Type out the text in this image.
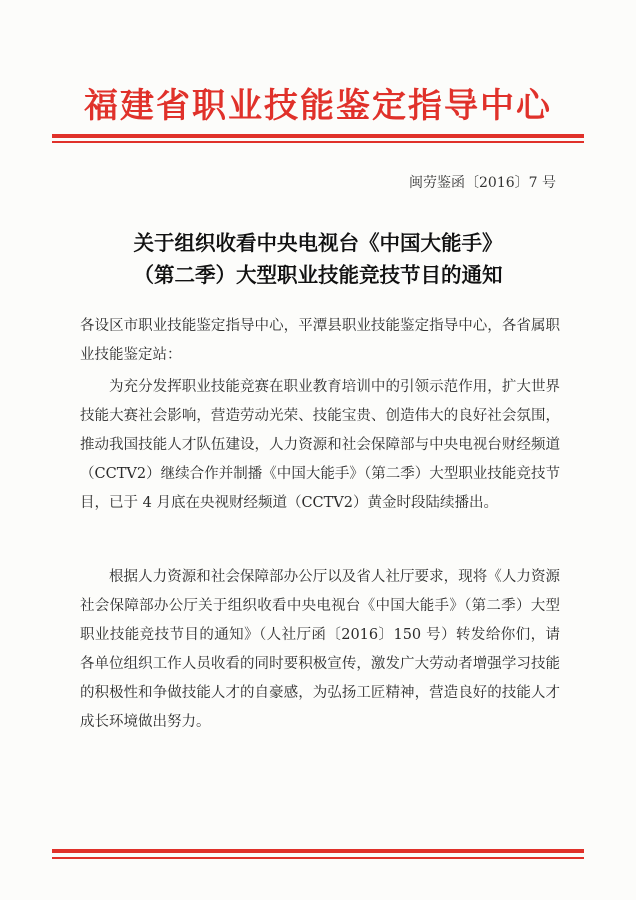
福建省职业技能鉴定指导中心
闽劳鉴函〔2016〕7 号
关于组织收看中央电视台《中国大能手》
（第二季）大型职业技能竞技节目的通知

各设区市职业技能鉴定指导中心，平潭县职业技能鉴定指导中心，各省属职业技能鉴定站：

为充分发挥职业技能竞赛在职业教育培训中的引领示范作用，扩大世界技能大赛社会影响，营造劳动光荣、技能宝贵、创造伟大的良好社会氛围，推动我国技能人才队伍建设，人力资源和社会保障部与中央电视台财经频道（CCTV2）继续合作并制播《中国大能手》（第二季）大型职业技能竞技节目，已于 4 月底在央视财经频道（CCTV2）黄金时段陆续播出。

根据人力资源和社会保障部办公厅以及省人社厅要求，现将《人力资源社会保障部办公厅关于组织收看中央电视台《中国大能手》（第二季）大型职业技能竞技节目的通知》（人社厅函〔2016〕150 号）转发给你们，请各单位组织工作人员收看的同时要积极宣传，激发广大劳动者增强学习技能的积极性和争做技能人才的自豪感，为弘扬工匠精神，营造良好的技能人才成长环境做出努力。
